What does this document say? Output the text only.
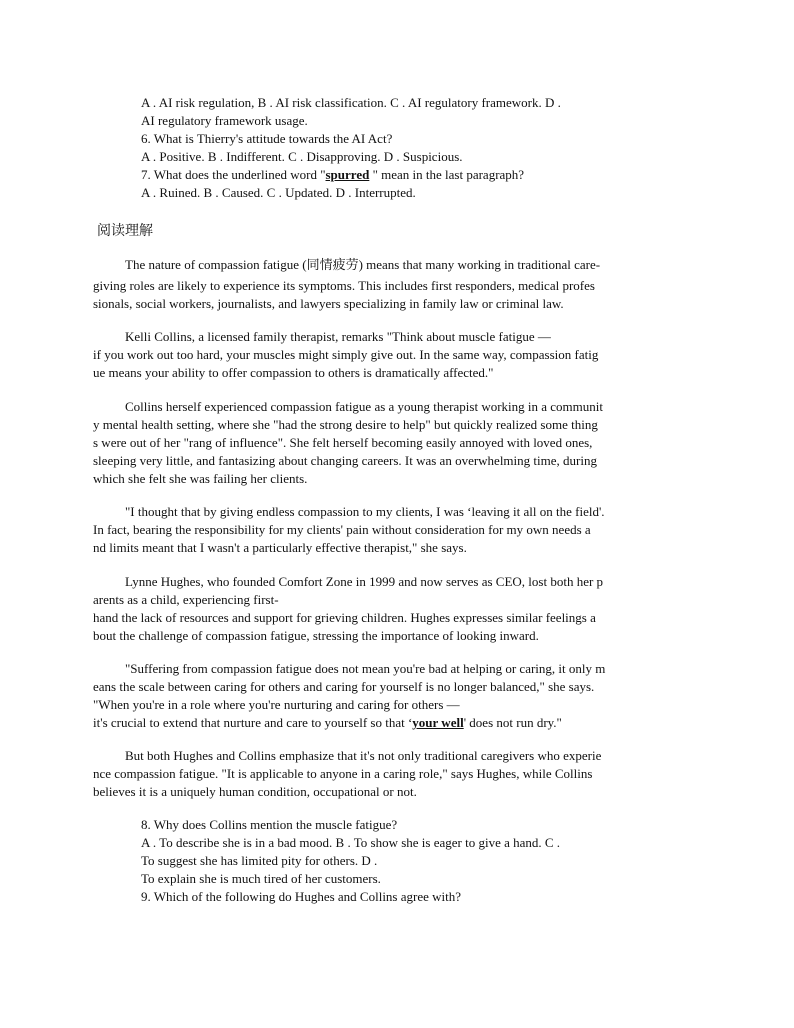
A . AI risk regulation, B . AI risk classification. C . AI regulatory framework. D .
AI regulatory framework usage.
6. What is Thierry's attitude towards the AI Act?
A . Positive. B . Indifferent. C . Disapproving. D . Suspicious.
7. What does the underlined word "spurred " mean in the last paragraph?
A . Ruined. B . Caused. C . Updated. D . Interrupted.
阅读理解
The nature of compassion fatigue (同情疲劳) means that many working in traditional care-
giving roles are likely to experience its symptoms. This includes first responders, medical profes
sionals, social workers, journalists, and lawyers specializing in family law or criminal law.
Kelli Collins, a licensed family therapist, remarks "Think about muscle fatigue —
if you work out too hard, your muscles might simply give out. In the same way, compassion fatig
ue means your ability to offer compassion to others is dramatically affected."
Collins herself experienced compassion fatigue as a young therapist working in a communit
y mental health setting, where she "had the strong desire to help" but quickly realized some thing
s were out of her "rang of influence". She felt herself becoming easily annoyed with loved ones,
sleeping very little, and fantasizing about changing careers. It was an overwhelming time, during
which she felt she was failing her clients.
"I thought that by giving endless compassion to my clients, I was ‘leaving it all on the field'.
In fact, bearing the responsibility for my clients' pain without consideration for my own needs a
nd limits meant that I wasn't a particularly effective therapist," she says.
Lynne Hughes, who founded Comfort Zone in 1999 and now serves as CEO, lost both her p
arents as a child, experiencing first-
hand the lack of resources and support for grieving children. Hughes expresses similar feelings a
bout the challenge of compassion fatigue, stressing the importance of looking inward.
"Suffering from compassion fatigue does not mean you're bad at helping or caring, it only m
eans the scale between caring for others and caring for yourself is no longer balanced," she says.
"When you're in a role where you're nurturing and caring for others —
it's crucial to extend that nurture and care to yourself so that ‘your well' does not run dry."
But both Hughes and Collins emphasize that it's not only traditional caregivers who experie
nce compassion fatigue. "It is applicable to anyone in a caring role," says Hughes, while Collins
believes it is a uniquely human condition, occupational or not.
8. Why does Collins mention the muscle fatigue?
A . To describe she is in a bad mood. B . To show she is eager to give a hand. C .
To suggest she has limited pity for others. D .
To explain she is much tired of her customers.
9. Which of the following do Hughes and Collins agree with?
